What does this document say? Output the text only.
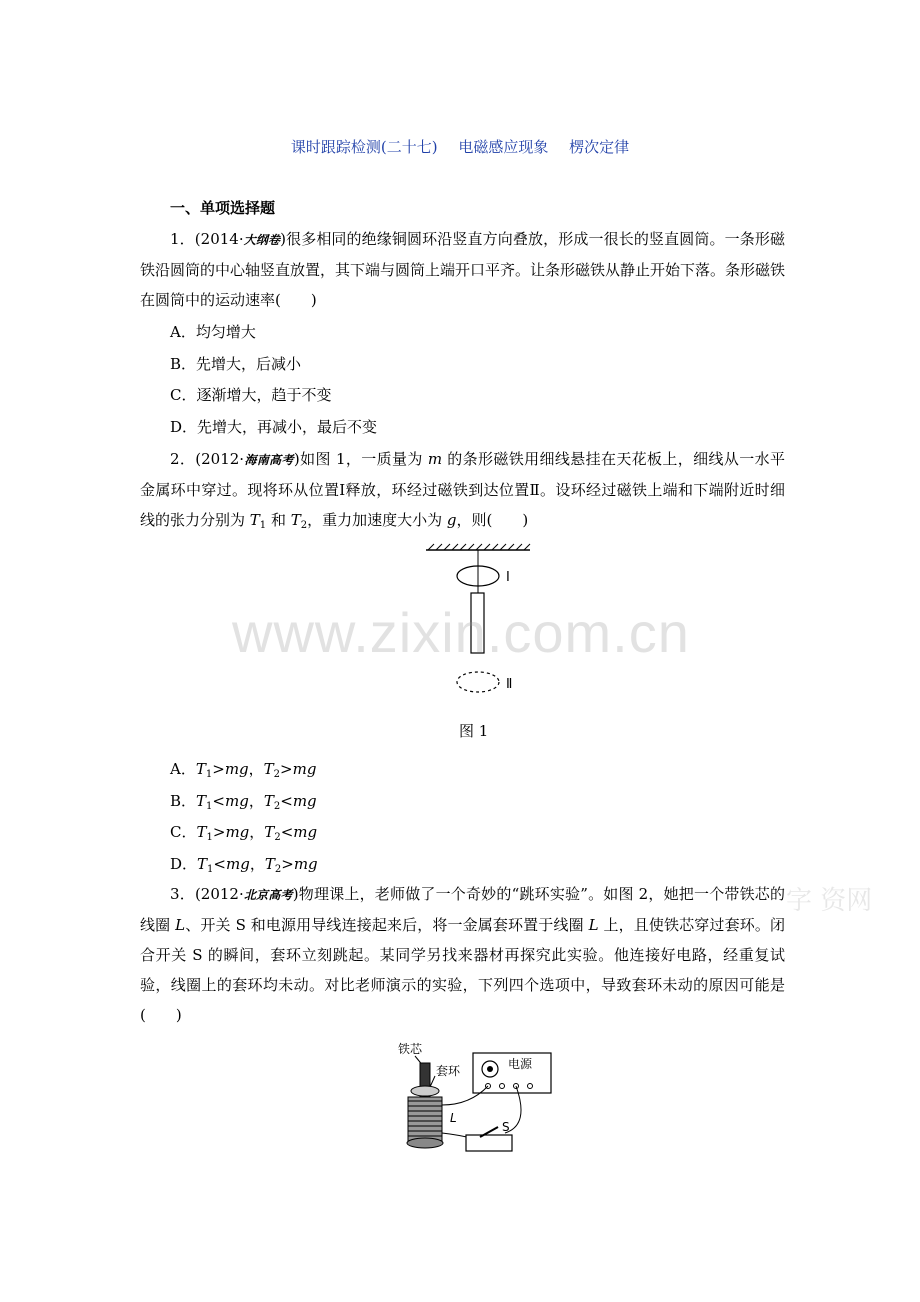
课时跟踪检测(二十七) 电磁感应现象 楞次定律
一、单项选择题
1．(2014·大纲卷)很多相同的绝缘铜圆环沿竖直方向叠放，形成一很长的竖直圆筒。一条形磁铁沿圆筒的中心轴竖直放置，其下端与圆筒上端开口平齐。让条形磁铁从静止开始下落。条形磁铁在圆筒中的运动速率(　　)
A．均匀增大
B．先增大，后减小
C．逐渐增大，趋于不变
D．先增大，再减小，最后不变
2．(2012·海南高考)如图 1，一质量为 m 的条形磁铁用细线悬挂在天花板上，细线从一水平金属环中穿过。现将环从位置Ⅰ释放，环经过磁铁到达位置Ⅱ。设环经过磁铁上端和下端附近时细线的张力分别为 $T_1$ 和 $T_2$，重力加速度大小为 g，则(　　)
Ⅰ
Ⅱ
图 1
A．$T_1>mg$，$T_2>mg$
B．$T_1<mg$，$T_2<mg$
C．$T_1>mg$，$T_2<mg$
D．$T_1<mg$，$T_2>mg$
3．(2012·北京高考)物理课上，老师做了一个奇妙的“跳环实验”。如图 2，她把一个带铁芯的线圈 L、开关 S 和电源用导线连接起来后，将一金属套环置于线圈 L 上，且使铁芯穿过套环。闭合开关 S 的瞬间，套环立刻跳起。某同学另找来器材再探究此实验。他连接好电路，经重复试验，线圈上的套环均未动。对比老师演示的实验，下列四个选项中，导致套环未动的原因可能是(　　)
铁芯
套环
L
电源
S
www.zixin.com.cn
字 资网
